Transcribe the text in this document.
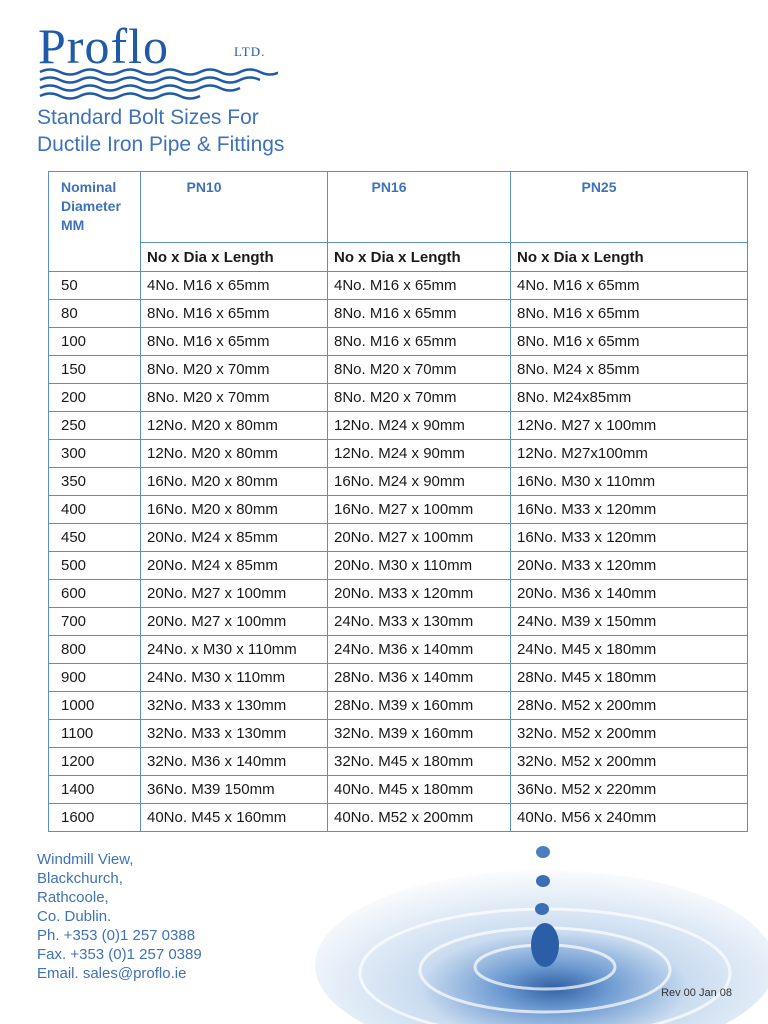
Proflo	LTD.
Standard Bolt Sizes For
Ductile Iron Pipe & Fittings
Nominal Diameter MM	PN10	PN16	PN25
	No x Dia x Length	No x Dia x Length	No x Dia x Length
50	4No. M16 x 65mm	4No. M16 x 65mm	4No. M16 x 65mm
80	8No. M16 x 65mm	8No. M16 x 65mm	8No. M16 x 65mm
100	8No. M16 x 65mm	8No. M16 x 65mm	8No. M16 x 65mm
150	8No. M20 x 70mm	8No. M20 x 70mm	8No. M24 x 85mm
200	8No. M20 x 70mm	8No. M20 x 70mm	8No. M24x85mm
250	12No. M20 x 80mm	12No. M24 x 90mm	12No. M27 x 100mm
300	12No. M20 x 80mm	12No. M24 x 90mm	12No. M27x100mm
350	16No. M20 x 80mm	16No. M24 x 90mm	16No. M30 x 110mm
400	16No. M20 x 80mm	16No. M27 x 100mm	16No. M33 x 120mm
450	20No. M24 x 85mm	20No. M27 x 100mm	16No. M33 x 120mm
500	20No. M24 x 85mm	20No. M30 x 110mm	20No. M33 x 120mm
600	20No. M27 x 100mm	20No. M33 x 120mm	20No. M36 x 140mm
700	20No. M27 x 100mm	24No. M33 x 130mm	24No. M39 x 150mm
800	24No. x M30 x 110mm	24No. M36 x 140mm	24No. M45 x 180mm
900	24No. M30 x 110mm	28No. M36 x 140mm	28No. M45 x 180mm
1000	32No. M33 x 130mm	28No. M39 x 160mm	28No. M52 x 200mm
1100	32No. M33 x 130mm	32No. M39 x 160mm	32No. M52 x 200mm
1200	32No. M36 x 140mm	32No. M45 x 180mm	32No. M52 x 200mm
1400	36No. M39 150mm	40No. M45 x 180mm	36No. M52 x 220mm
1600	40No. M45 x 160mm	40No. M52 x 200mm	40No. M56 x 240mm
Windmill View,
Blackchurch,
Rathcoole,
Co. Dublin.
Ph. +353 (0)1 257 0388
Fax. +353 (0)1 257 0389
Email. sales@proflo.ie
Rev 00 Jan 08
